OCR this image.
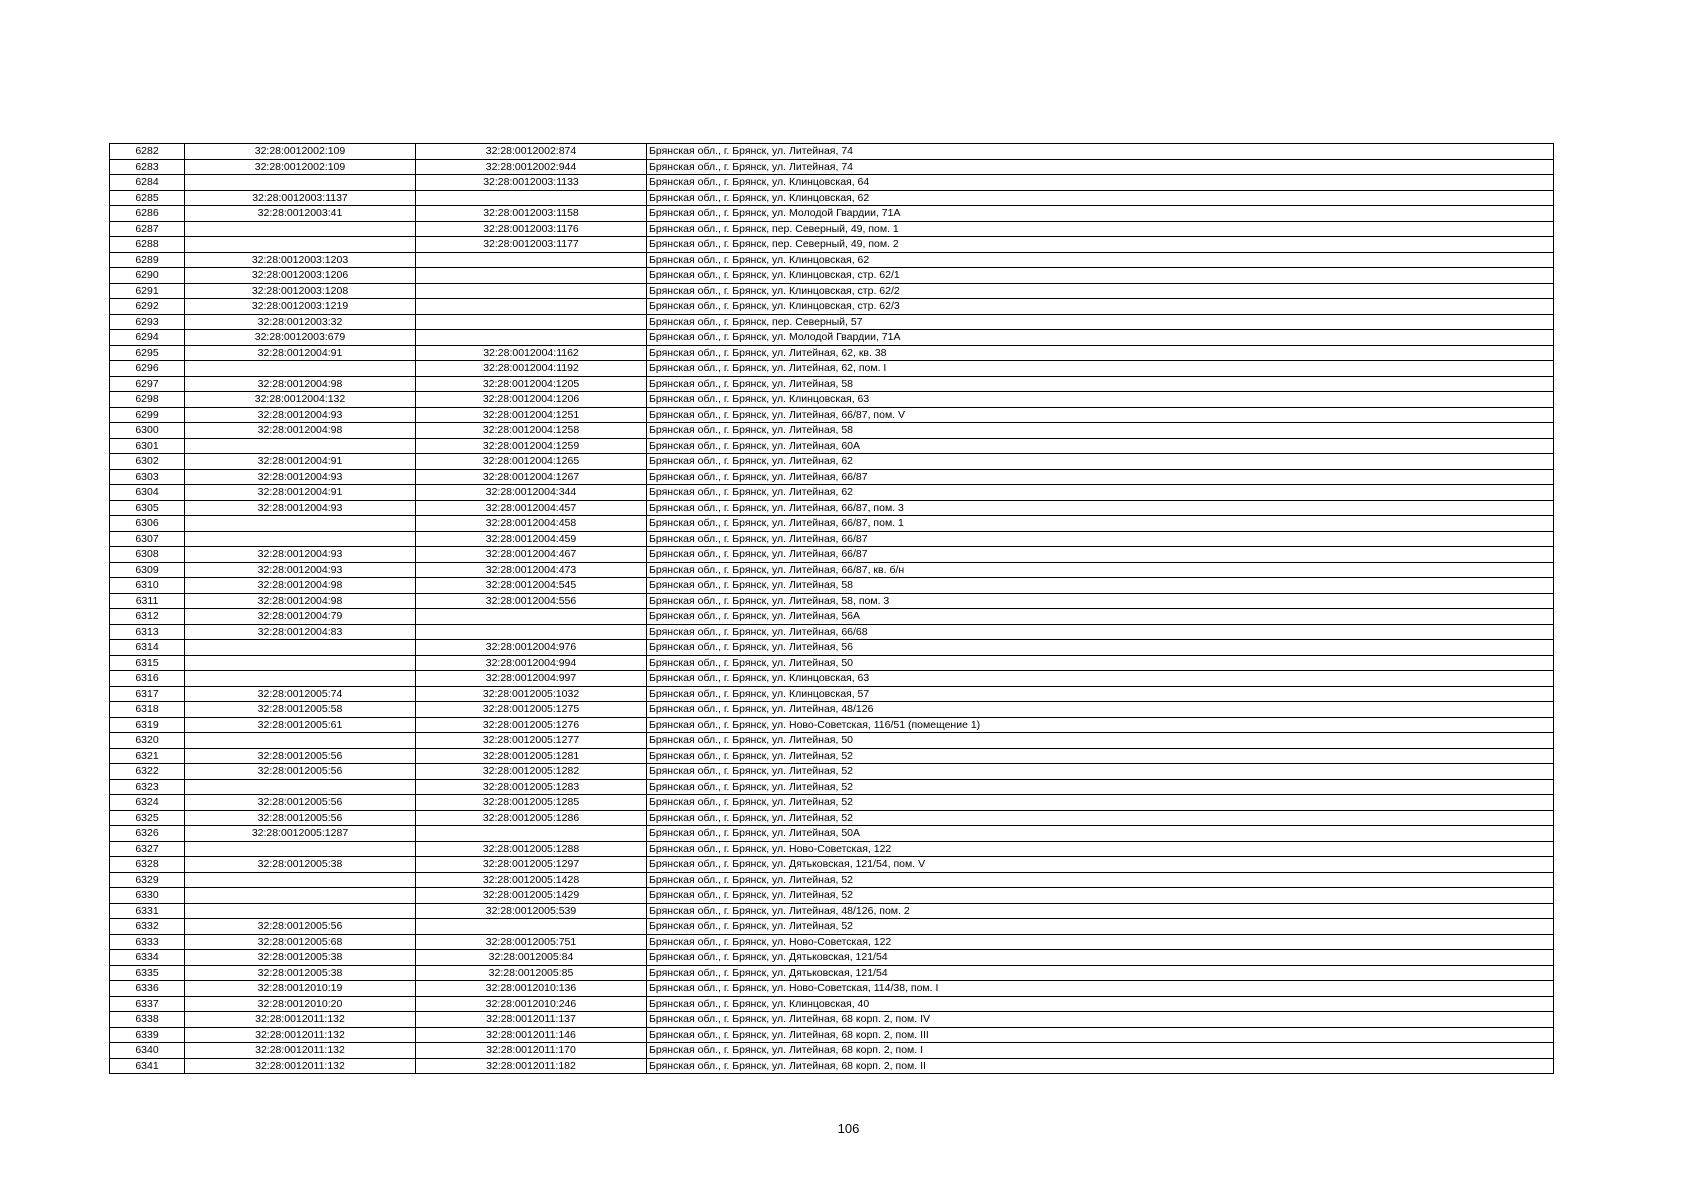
6282	32:28:0012002:109	32:28:0012002:874	Брянская обл., г. Брянск, ул. Литейная, 74
6283	32:28:0012002:109	32:28:0012002:944	Брянская обл., г. Брянск, ул. Литейная, 74
6284		32:28:0012003:1133	Брянская обл., г. Брянск, ул. Клинцовская, 64
6285	32:28:0012003:1137		Брянская обл., г. Брянск, ул. Клинцовская, 62
6286	32:28:0012003:41	32:28:0012003:1158	Брянская обл., г. Брянск, ул. Молодой Гвардии, 71А
6287		32:28:0012003:1176	Брянская обл., г. Брянск, пер. Северный, 49, пом. 1
6288		32:28:0012003:1177	Брянская обл., г. Брянск, пер. Северный, 49, пом. 2
6289	32:28:0012003:1203		Брянская обл., г. Брянск, ул. Клинцовская, 62
6290	32:28:0012003:1206		Брянская обл., г. Брянск, ул. Клинцовская, стр. 62/1
6291	32:28:0012003:1208		Брянская обл., г. Брянск, ул. Клинцовская, стр. 62/2
6292	32:28:0012003:1219		Брянская обл., г. Брянск, ул. Клинцовская, стр. 62/3
6293	32:28:0012003:32		Брянская обл., г. Брянск, пер. Северный, 57
6294	32:28:0012003:679		Брянская обл., г. Брянск, ул. Молодой Гвардии, 71А
6295	32:28:0012004:91	32:28:0012004:1162	Брянская обл., г. Брянск, ул. Литейная, 62, кв. 38
6296		32:28:0012004:1192	Брянская обл., г. Брянск, ул. Литейная, 62, пом. I
6297	32:28:0012004:98	32:28:0012004:1205	Брянская обл., г. Брянск, ул. Литейная, 58
6298	32:28:0012004:132	32:28:0012004:1206	Брянская обл., г. Брянск, ул. Клинцовская, 63
6299	32:28:0012004:93	32:28:0012004:1251	Брянская обл., г. Брянск, ул. Литейная, 66/87, пом. V
6300	32:28:0012004:98	32:28:0012004:1258	Брянская обл., г. Брянск, ул. Литейная, 58
6301		32:28:0012004:1259	Брянская обл., г. Брянск, ул. Литейная, 60А
6302	32:28:0012004:91	32:28:0012004:1265	Брянская обл., г. Брянск, ул. Литейная, 62
6303	32:28:0012004:93	32:28:0012004:1267	Брянская обл., г. Брянск, ул. Литейная, 66/87
6304	32:28:0012004:91	32:28:0012004:344	Брянская обл., г. Брянск, ул. Литейная, 62
6305	32:28:0012004:93	32:28:0012004:457	Брянская обл., г. Брянск, ул. Литейная, 66/87, пом. 3
6306		32:28:0012004:458	Брянская обл., г. Брянск, ул. Литейная, 66/87, пом. 1
6307		32:28:0012004:459	Брянская обл., г. Брянск, ул. Литейная, 66/87
6308	32:28:0012004:93	32:28:0012004:467	Брянская обл., г. Брянск, ул. Литейная, 66/87
6309	32:28:0012004:93	32:28:0012004:473	Брянская обл., г. Брянск, ул. Литейная, 66/87, кв. б/н
6310	32:28:0012004:98	32:28:0012004:545	Брянская обл., г. Брянск, ул. Литейная, 58
6311	32:28:0012004:98	32:28:0012004:556	Брянская обл., г. Брянск, ул. Литейная, 58, пом. 3
6312	32:28:0012004:79		Брянская обл., г. Брянск, ул. Литейная, 56А
6313	32:28:0012004:83		Брянская обл., г. Брянск, ул. Литейная, 66/68
6314		32:28:0012004:976	Брянская обл., г. Брянск, ул. Литейная, 56
6315		32:28:0012004:994	Брянская обл., г. Брянск, ул. Литейная, 50
6316		32:28:0012004:997	Брянская обл., г. Брянск, ул. Клинцовская, 63
6317	32:28:0012005:74	32:28:0012005:1032	Брянская обл., г. Брянск, ул. Клинцовская, 57
6318	32:28:0012005:58	32:28:0012005:1275	Брянская обл., г. Брянск, ул. Литейная, 48/126
6319	32:28:0012005:61	32:28:0012005:1276	Брянская обл., г. Брянск, ул. Ново-Советская, 116/51 (помещение 1)
6320		32:28:0012005:1277	Брянская обл., г. Брянск, ул. Литейная, 50
6321	32:28:0012005:56	32:28:0012005:1281	Брянская обл., г. Брянск, ул. Литейная, 52
6322	32:28:0012005:56	32:28:0012005:1282	Брянская обл., г. Брянск, ул. Литейная, 52
6323		32:28:0012005:1283	Брянская обл., г. Брянск, ул. Литейная, 52
6324	32:28:0012005:56	32:28:0012005:1285	Брянская обл., г. Брянск, ул. Литейная, 52
6325	32:28:0012005:56	32:28:0012005:1286	Брянская обл., г. Брянск, ул. Литейная, 52
6326	32:28:0012005:1287		Брянская обл., г. Брянск, ул. Литейная, 50А
6327		32:28:0012005:1288	Брянская обл., г. Брянск, ул. Ново-Советская, 122
6328	32:28:0012005:38	32:28:0012005:1297	Брянская обл., г. Брянск, ул. Дятьковская, 121/54, пом. V
6329		32:28:0012005:1428	Брянская обл., г. Брянск, ул. Литейная, 52
6330		32:28:0012005:1429	Брянская обл., г. Брянск, ул. Литейная, 52
6331		32:28:0012005:539	Брянская обл., г. Брянск, ул. Литейная, 48/126, пом. 2
6332	32:28:0012005:56		Брянская обл., г. Брянск, ул. Литейная, 52
6333	32:28:0012005:68	32:28:0012005:751	Брянская обл., г. Брянск, ул. Ново-Советская, 122
6334	32:28:0012005:38	32:28:0012005:84	Брянская обл., г. Брянск, ул. Дятьковская, 121/54
6335	32:28:0012005:38	32:28:0012005:85	Брянская обл., г. Брянск, ул. Дятьковская, 121/54
6336	32:28:0012010:19	32:28:0012010:136	Брянская обл., г. Брянск, ул. Ново-Советская, 114/38, пом. I
6337	32:28:0012010:20	32:28:0012010:246	Брянская обл., г. Брянск, ул. Клинцовская, 40
6338	32:28:0012011:132	32:28:0012011:137	Брянская обл., г. Брянск, ул. Литейная, 68 корп. 2, пом. IV
6339	32:28:0012011:132	32:28:0012011:146	Брянская обл., г. Брянск, ул. Литейная, 68 корп. 2, пом. III
6340	32:28:0012011:132	32:28:0012011:170	Брянская обл., г. Брянск, ул. Литейная, 68 корп. 2, пом. I
6341	32:28:0012011:132	32:28:0012011:182	Брянская обл., г. Брянск, ул. Литейная, 68 корп. 2, пом. II
106
